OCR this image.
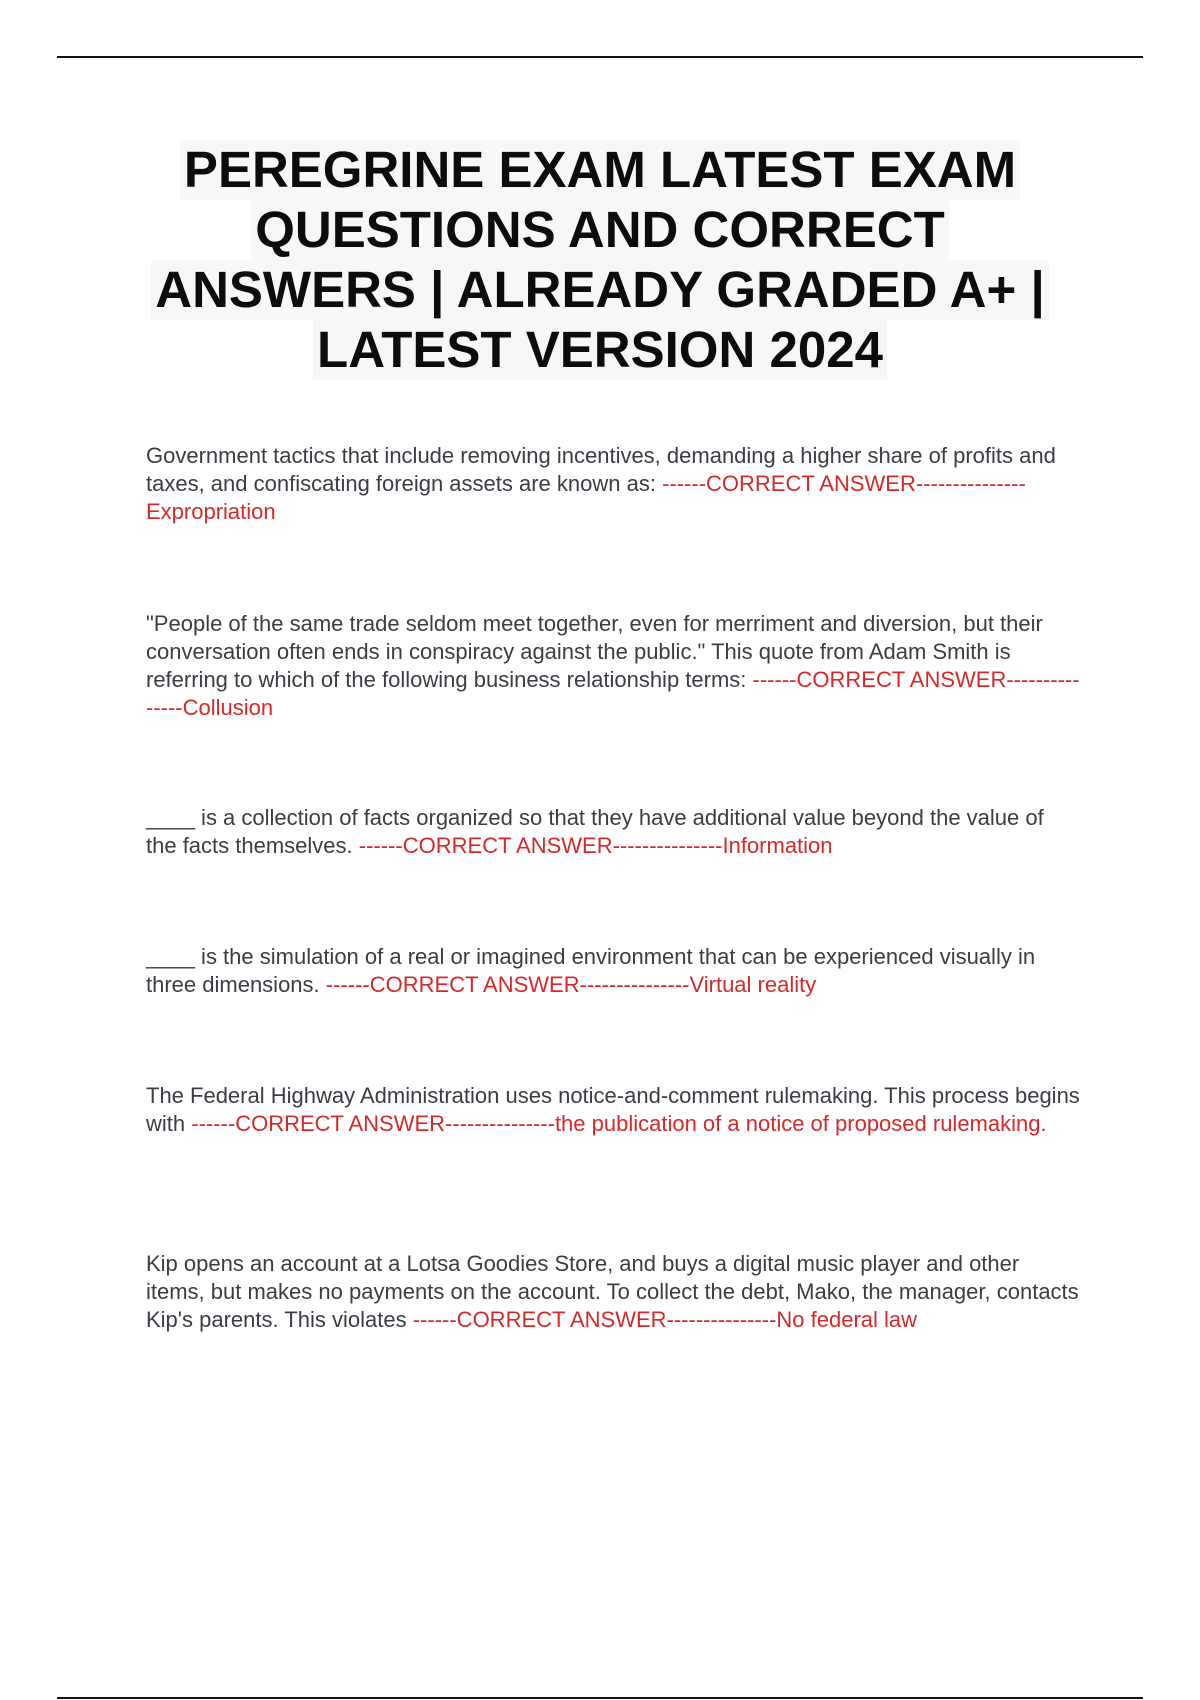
PEREGRINE EXAM LATEST EXAM
QUESTIONS AND CORRECT
ANSWERS | ALREADY GRADED A+ |
LATEST VERSION 2024
Government tactics that include removing incentives, demanding a higher share of profits and taxes, and confiscating foreign assets are known as: ------CORRECT ANSWER---------------Expropriation
"People of the same trade seldom meet together, even for merriment and diversion, but their conversation often ends in conspiracy against the public." This quote from Adam Smith is referring to which of the following business relationship terms: ------CORRECT ANSWER---------------Collusion
____ is a collection of facts organized so that they have additional value beyond the value of the facts themselves. ------CORRECT ANSWER---------------Information
____ is the simulation of a real or imagined environment that can be experienced visually in three dimensions. ------CORRECT ANSWER---------------Virtual reality
The Federal Highway Administration uses notice-and-comment rulemaking. This process begins with ------CORRECT ANSWER---------------the publication of a notice of proposed rulemaking.
Kip opens an account at a Lotsa Goodies Store, and buys a digital music player and other items, but makes no payments on the account. To collect the debt, Mako, the manager, contacts Kip's parents. This violates ------CORRECT ANSWER---------------No federal law
